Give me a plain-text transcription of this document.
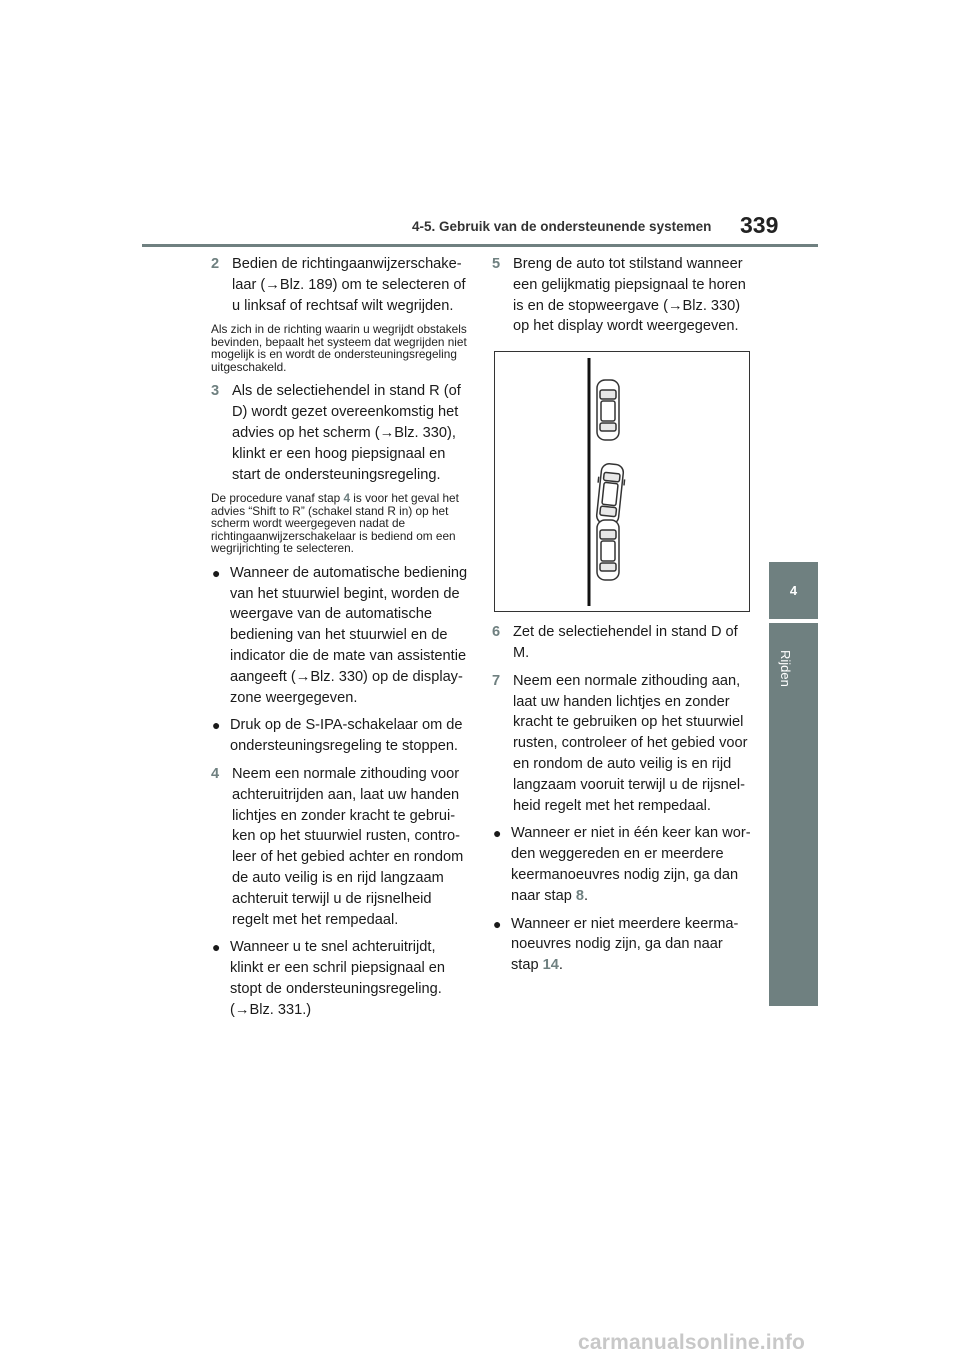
4-5. Gebruik van de ondersteunende systemen 339
4
Rijden
2 Bedien de richtingaanwijzerschakelaar (→Blz. 189) om te selecteren of u linksaf of rechtsaf wilt wegrijden.
Als zich in de richting waarin u wegrijdt obstakels bevinden, bepaalt het systeem dat wegrijden niet mogelijk is en wordt de ondersteuningsregeling uitgeschakeld.
3 Als de selectiehendel in stand R (of D) wordt gezet overeenkomstig het advies op het scherm (→Blz. 330), klinkt er een hoog piepsignaal en start de ondersteuningsregeling.
De procedure vanaf stap 4 is voor het geval het advies “Shift to R” (schakel stand R in) op het scherm wordt weergegeven nadat de richtingaanwijzerschakelaar is bediend om een wegrijrichting te selecteren.
● Wanneer de automatische bediening van het stuurwiel begint, worden de weergave van de automatische bediening van het stuurwiel en de indicator die de mate van assistentie aangeeft (→Blz. 330) op de displayzone weergegeven.
● Druk op de S-IPA-schakelaar om de ondersteuningsregeling te stoppen.
4 Neem een normale zithouding voor achteruitrijden aan, laat uw handen lichtjes en zonder kracht te gebruiken op het stuurwiel rusten, controleer of het gebied achter en rondom de auto veilig is en rijd langzaam achteruit terwijl u de rijsnelheid regelt met het rempedaal.
● Wanneer u te snel achteruitrijdt, klinkt er een schril piepsignaal en stopt de ondersteuningsregeling. (→Blz. 331.)
5 Breng de auto tot stilstand wanneer een gelijkmatig piepsignaal te horen is en de stopweergave (→Blz. 330) op het display wordt weergegeven.
6 Zet de selectiehendel in stand D of M.
7 Neem een normale zithouding aan, laat uw handen lichtjes en zonder kracht te gebruiken op het stuurwiel rusten, controleer of het gebied voor en rondom de auto veilig is en rijd langzaam vooruit terwijl u de rijsnelheid regelt met het rempedaal.
● Wanneer er niet in één keer kan worden weggereden en er meerdere keermanoeuvres nodig zijn, ga dan naar stap 8.
● Wanneer er niet meerdere keermanoeuvres nodig zijn, ga dan naar stap 14.
carmanualsonline.info
